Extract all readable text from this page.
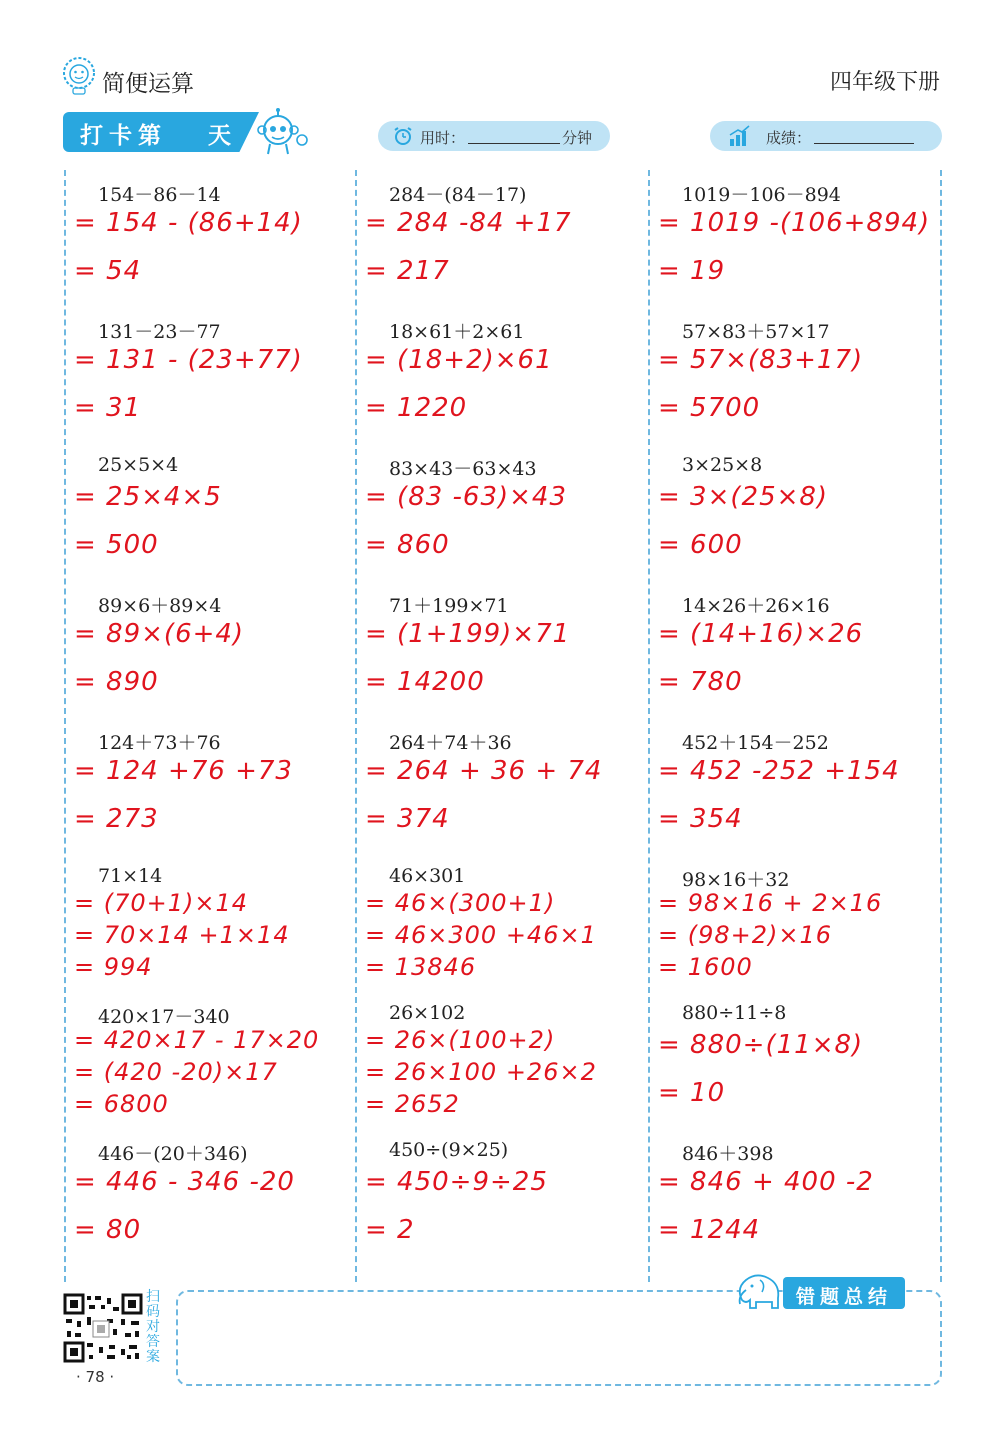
简便运算	四年级下册
打卡第 天	用时：	分钟	成绩：
154－86－14
= 154 - (86+14)
= 54
131－23－77
= 131 - (23+77)
= 31
25×5×4
= 25×4×5
= 500
89×6＋89×4
= 89×(6+4)
= 890
124＋73＋76
= 124 +76 +73
= 273
71×14
= (70+1)×14
= 70×14 +1×14
= 994
420×17－340
= 420×17 - 17×20
= (420 -20)×17
= 6800
446－(20＋346)
= 446 - 346 -20
= 80
284－(84－17)
= 284 -84 +17
= 217
18×61＋2×61
= (18+2)×61
= 1220
83×43－63×43
= (83 -63)×43
= 860
71＋199×71
= (1+199)×71
= 14200
264＋74＋36
= 264 + 36 + 74
= 374
46×301
= 46×(300+1)
= 46×300 +46×1
= 13846
26×102
= 26×(100+2)
= 26×100 +26×2
= 2652
450÷(9×25)
= 450÷9÷25
= 2
1019－106－894
= 1019 -(106+894)
= 19
57×83＋57×17
= 57×(83+17)
= 5700
3×25×8
= 3×(25×8)
= 600
14×26＋26×16
= (14+16)×26
= 780
452＋154－252
= 452 -252 +154
= 354
98×16＋32
= 98×16 + 2×16
= (98+2)×16
= 1600
880÷11÷8
= 880÷(11×8)
= 10
846＋398
= 846 + 400 -2
= 1244
错题总结
扫码对答案
· 78 ·
